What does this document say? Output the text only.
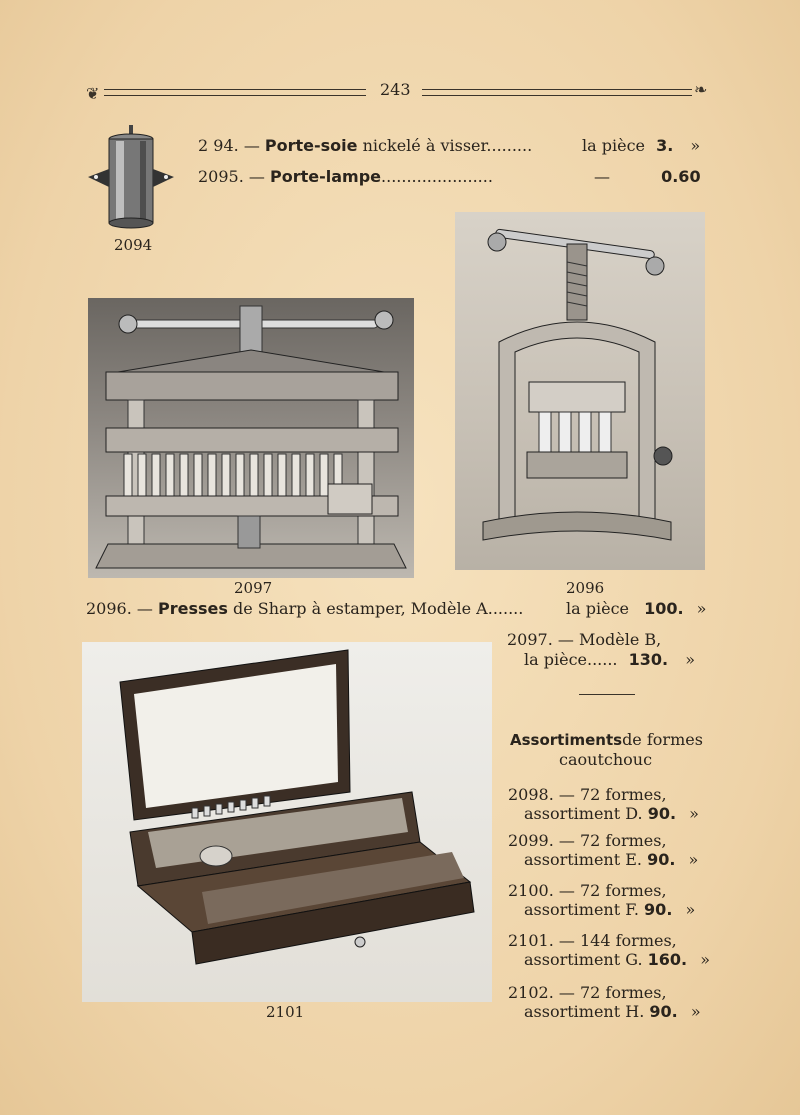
❦	243	❧
2094
2 94. — Porte-soie nickelé à visser.........	la pièce 3. »
2095. — Porte-lampe......................	—	0.60
2097	2096
2096. — Presses de Sharp à estamper, Modèle A.......	la pièce 100. »
2097. — Modèle B,
la pièce...... 130. »
2101
Assortimentsde formes
caoutchouc
2098. — 72 formes,
assortiment D. 90. »
2099. — 72 formes,
assortiment E. 90. »
2100. — 72 formes,
assortiment F. 90. »
2101. — 144 formes,
assortiment G. 160. »
2102. — 72 formes,
assortiment H. 90. »
